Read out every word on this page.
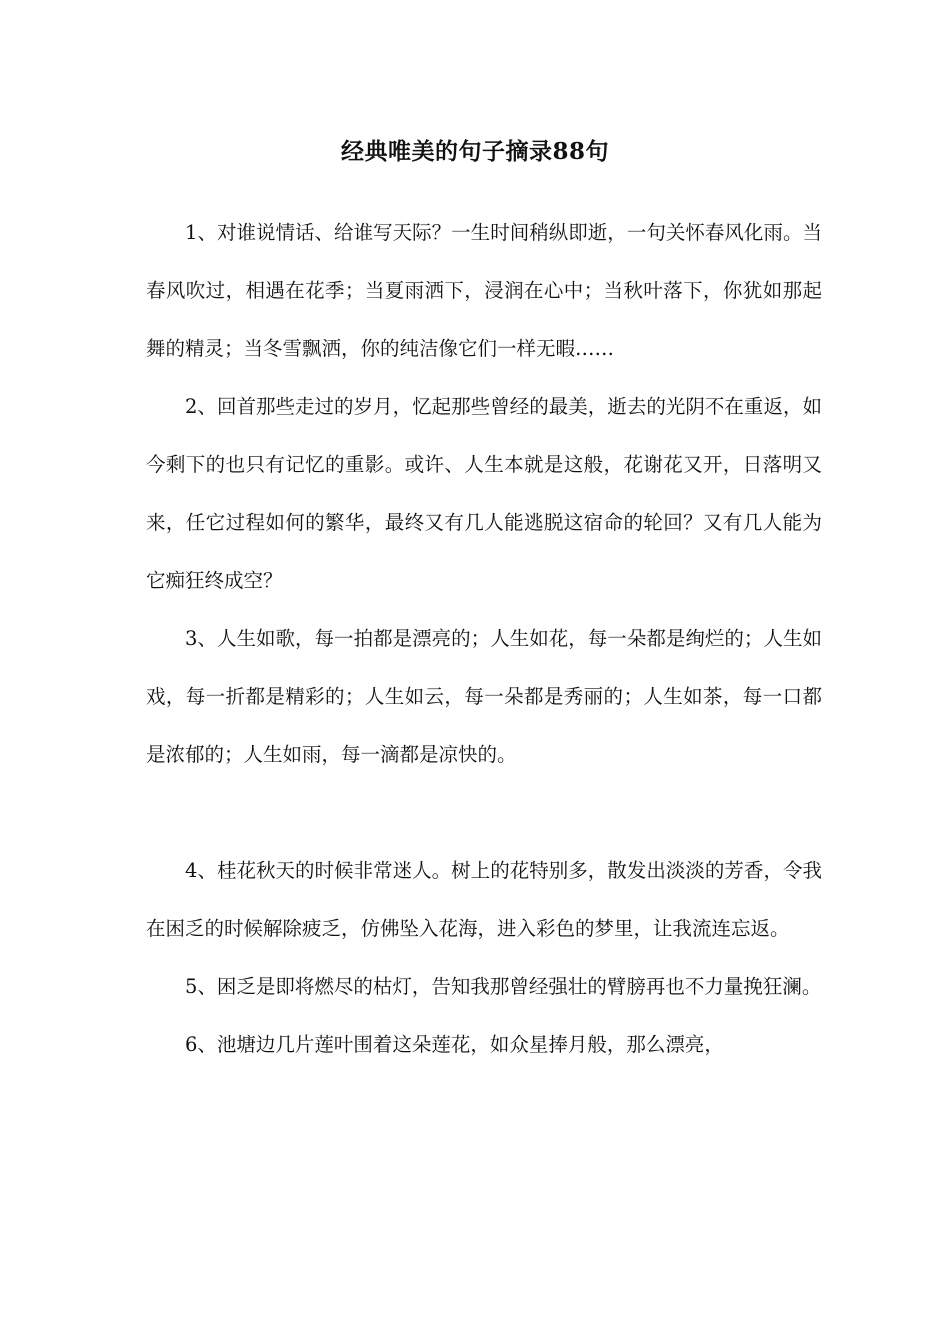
经典唯美的句子摘录88句

1、对谁说情话、给谁写天际？一生时间稍纵即逝，一句关怀春风化雨。当春风吹过，相遇在花季；当夏雨洒下，浸润在心中；当秋叶落下，你犹如那起舞的精灵；当冬雪飘洒，你的纯洁像它们一样无暇……

2、回首那些走过的岁月，忆起那些曾经的最美，逝去的光阴不在重返，如今剩下的也只有记忆的重影。或许、人生本就是这般，花谢花又开，日落明又来，任它过程如何的繁华，最终又有几人能逃脱这宿命的轮回？又有几人能为它痴狂终成空？

3、人生如歌，每一拍都是漂亮的；人生如花，每一朵都是绚烂的；人生如戏，每一折都是精彩的；人生如云，每一朵都是秀丽的；人生如茶，每一口都是浓郁的；人生如雨，每一滴都是凉快的。

4、桂花秋天的时候非常迷人。树上的花特别多，散发出淡淡的芳香，令我在困乏的时候解除疲乏，仿佛坠入花海，进入彩色的梦里，让我流连忘返。

5、困乏是即将燃尽的枯灯，告知我那曾经强壮的臂膀再也不力量挽狂澜。

6、池塘边几片莲叶围着这朵莲花，如众星捧月般，那么漂亮，
